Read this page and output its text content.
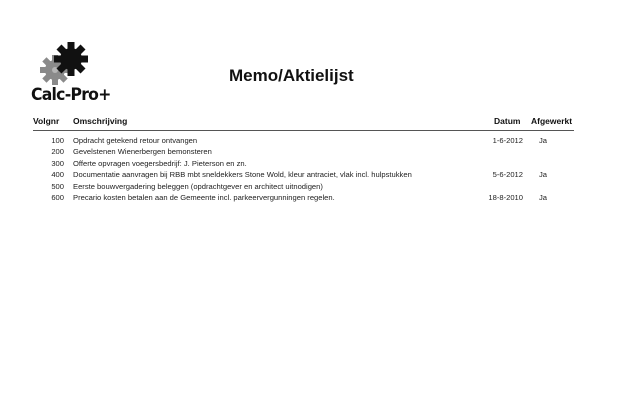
Calc-Pro+
Memo/Aktielijst
Volgnr Omschrijving	Datum Afgewerkt
100 Opdracht getekend retour ontvangen	1-6-2012 Ja
200 Gevelstenen Wienerbergen bemonsteren
300 Offerte opvragen voegersbedrijf: J. Pieterson en zn.
400 Documentatie aanvragen bij RBB mbt sneldekkers Stone Wold, kleur antraciet, vlak incl. hulpstukken	5-6-2012 Ja
500 Eerste bouwvergadering beleggen (opdrachtgever en architect uitnodigen)
600 Precario kosten betalen aan de Gemeente incl. parkeervergunningen regelen.	18-8-2010 Ja
